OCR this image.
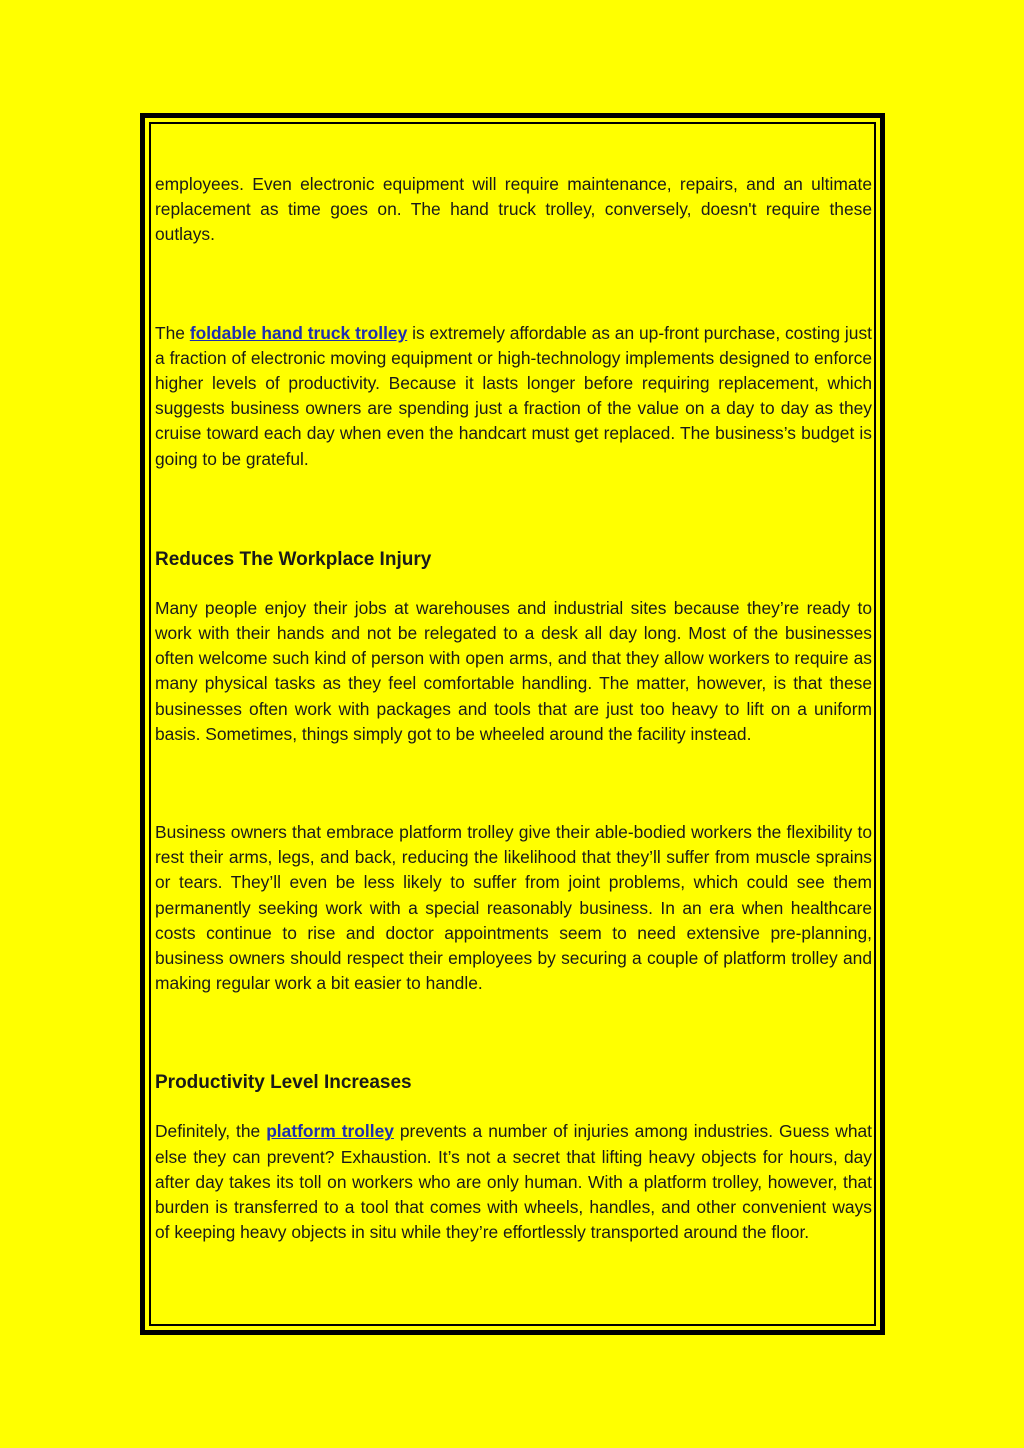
employees. Even electronic equipment will require maintenance, repairs, and an ultimate replacement as time goes on. The hand truck trolley, conversely, doesn't require these outlays.

The foldable hand truck trolley is extremely affordable as an up-front purchase, costing just a fraction of electronic moving equipment or high-technology implements designed to enforce higher levels of productivity. Because it lasts longer before requiring replacement, which suggests business owners are spending just a fraction of the value on a day to day as they cruise toward each day when even the handcart must get replaced. The business’s budget is going to be grateful.

Reduces The Workplace Injury

Many people enjoy their jobs at warehouses and industrial sites because they’re ready to work with their hands and not be relegated to a desk all day long. Most of the businesses often welcome such kind of person with open arms, and that they allow workers to require as many physical tasks as they feel comfortable handling. The matter, however, is that these businesses often work with packages and tools that are just too heavy to lift on a uniform basis. Sometimes, things simply got to be wheeled around the facility instead.

Business owners that embrace platform trolley give their able-bodied workers the flexibility to rest their arms, legs, and back, reducing the likelihood that they’ll suffer from muscle sprains or tears. They’ll even be less likely to suffer from joint problems, which could see them permanently seeking work with a special reasonably business. In an era when healthcare costs continue to rise and doctor appointments seem to need extensive pre-planning, business owners should respect their employees by securing a couple of platform trolley and making regular work a bit easier to handle.

Productivity Level Increases

Definitely, the platform trolley prevents a number of injuries among industries. Guess what else they can prevent? Exhaustion. It’s not a secret that lifting heavy objects for hours, day after day takes its toll on workers who are only human. With a platform trolley, however, that burden is transferred to a tool that comes with wheels, handles, and other convenient ways of keeping heavy objects in situ while they’re effortlessly transported around the floor.
